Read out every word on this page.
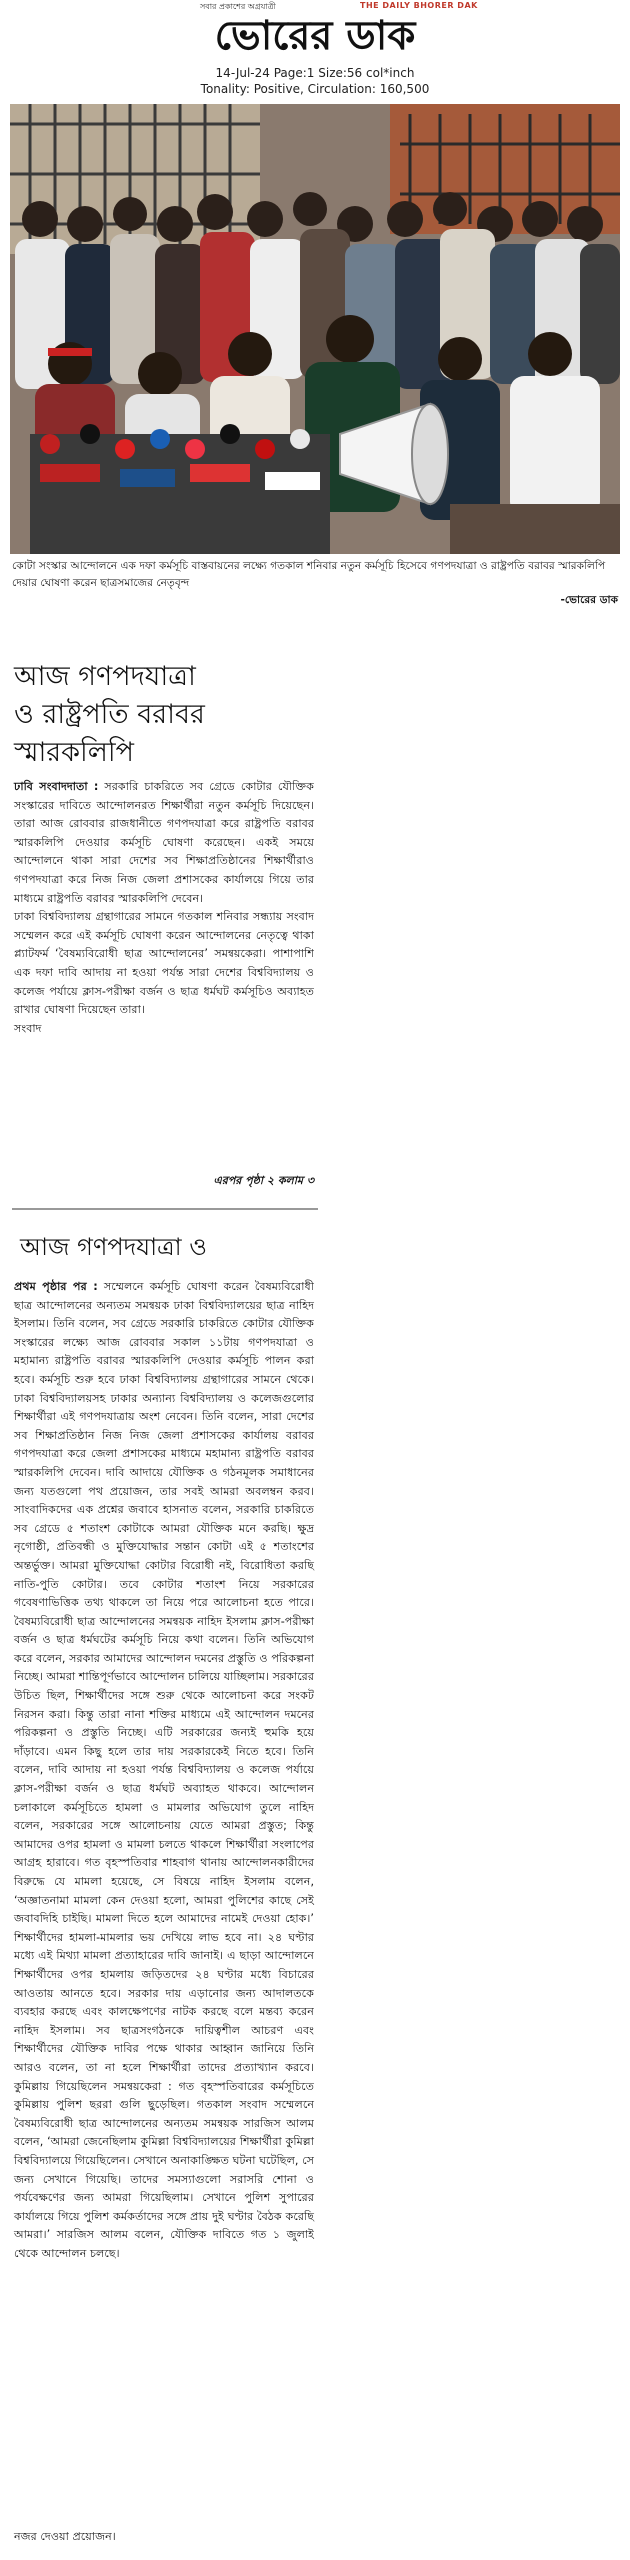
সবার প্রকাশের অগ্রযাত্রী	THE DAILY BHORER DAK
ভোরের ডাক
14-Jul-24 Page:1 Size:56 col*inch
Tonality: Positive, Circulation: 160,500
কোটা সংস্কার আন্দোলনে এক দফা কর্মসূচি বাস্তবায়নের লক্ষ্যে গতকাল শনিবার নতুন কর্মসূচি হিসেবে গণপদযাত্রা ও রাষ্ট্রপতি বরাবর স্মারকলিপি দেয়ার ঘোষণা করেন ছাত্রসমাজের নেতৃবৃন্দ
-ভোরের ডাক
আজ গণপদযাত্রা
ও রাষ্ট্রপতি বরাবর
স্মারকলিপি

ঢাবি সংবাদদাতা : সরকারি চাকরিতে সব গ্রেডে কোটার যৌক্তিক সংস্কারের দাবিতে আন্দোলনরত শিক্ষার্থীরা নতুন কর্মসূচি দিয়েছেন। তারা আজ রোববার রাজধানীতে গণপদযাত্রা করে রাষ্ট্রপতি বরাবর স্মারকলিপি দেওয়ার কর্মসূচি ঘোষণা করেছেন। একই সময়ে আন্দোলনে থাকা সারা দেশের সব শিক্ষাপ্রতিষ্ঠানের শিক্ষার্থীরাও গণপদযাত্রা করে নিজ নিজ জেলা প্রশাসকের কার্যালয়ে গিয়ে তার মাধ্যমে রাষ্ট্রপতি বরাবর স্মারকলিপি দেবেন।

ঢাকা বিশ্ববিদ্যালয় গ্রন্থাগারের সামনে গতকাল শনিবার সন্ধ্যায় সংবাদ সম্মেলন করে এই কর্মসূচি ঘোষণা করেন আন্দোলনের নেতৃত্বে থাকা প্ল্যাটফর্ম ‘বৈষম্যবিরোধী ছাত্র আন্দোলনের’ সমন্বয়কেরা। পাশাপাশি এক দফা দাবি আদায় না হওয়া পর্যন্ত সারা দেশের বিশ্ববিদ্যালয় ও কলেজ পর্যায়ে ক্লাস-পরীক্ষা বর্জন ও ছাত্র ধর্মঘট কর্মসূচিও অব্যাহত রাখার ঘোষণা দিয়েছেন তারা।

সংবাদ

এরপর পৃষ্ঠা ২ কলাম ৩
আজ গণপদযাত্রা ও

প্রথম পৃষ্ঠার পর : সম্মেলনে কর্মসূচি ঘোষণা করেন বৈষম্যবিরোধী ছাত্র আন্দোলনের অন্যতম সমন্বয়ক ঢাকা বিশ্ববিদ্যালয়ের ছাত্র নাহিদ ইসলাম। তিনি বলেন, সব গ্রেডে সরকারি চাকরিতে কোটার যৌক্তিক সংস্কারের লক্ষ্যে আজ রোববার সকাল ১১টায় গণপদযাত্রা ও মহামান্য রাষ্ট্রপতি বরাবর স্মারকলিপি দেওয়ার কর্মসূচি পালন করা হবে। কর্মসূচি শুরু হবে ঢাকা বিশ্ববিদ্যালয় গ্রন্থাগারের সামনে থেকে। ঢাকা বিশ্ববিদ্যালয়সহ ঢাকার অন্যান্য বিশ্ববিদ্যালয় ও কলেজগুলোর শিক্ষার্থীরা এই গণপদযাত্রায় অংশ নেবেন। তিনি বলেন, সারা দেশের সব শিক্ষাপ্রতিষ্ঠান নিজ নিজ জেলা প্রশাসকের কার্যালয় বরাবর গণপদযাত্রা করে জেলা প্রশাসকের মাধ্যমে মহামান্য রাষ্ট্রপতি বরাবর স্মারকলিপি দেবেন। দাবি আদায়ে যৌক্তিক ও গঠনমূলক সমাধানের জন্য যতগুলো পথ প্রয়োজন, তার সবই আমরা অবলম্বন করব। সাংবাদিকদের এক প্রশ্নের জবাবে হাসনাত বলেন, সরকারি চাকরিতে সব গ্রেডে ৫ শতাংশ কোটাকে আমরা যৌক্তিক মনে করছি। ক্ষুদ্র নৃগোষ্ঠী, প্রতিবন্ধী ও মুক্তিযোদ্ধার সন্তান কোটা এই ৫ শতাংশের অন্তর্ভুক্ত। আমরা মুক্তিযোদ্ধা কোটার বিরোধী নই, বিরোধিতা করছি নাতি-পুতি কোটার। তবে কোটার শতাংশ নিয়ে সরকারের গবেষণাভিত্তিক তথ্য থাকলে তা নিয়ে পরে আলোচনা হতে পারে। বৈষম্যবিরোধী ছাত্র আন্দোলনের সমন্বয়ক নাহিদ ইসলাম ক্লাস-পরীক্ষা বর্জন ও ছাত্র ধর্মঘটের কর্মসূচি নিয়ে কথা বলেন। তিনি অভিযোগ করে বলেন, সরকার আমাদের আন্দোলন দমনের প্রস্তুতি ও পরিকল্পনা নিচ্ছে। আমরা শান্তিপূর্ণভাবে আন্দোলন চালিয়ে যাচ্ছিলাম। সরকারের উচিত ছিল, শিক্ষার্থীদের সঙ্গে শুরু থেকে আলোচনা করে সংকট নিরসন করা। কিন্তু তারা নানা শক্তির মাধ্যমে এই আন্দোলন দমনের পরিকল্পনা ও প্রস্তুতি নিচ্ছে। এটি সরকারের জন্যই হুমকি হয়ে দাঁড়াবে। এমন কিছু হলে তার দায় সরকারকেই নিতে হবে। তিনি বলেন, দাবি আদায় না হওয়া পর্যন্ত বিশ্ববিদ্যালয় ও কলেজ পর্যায়ে ক্লাস-পরীক্ষা বর্জন ও ছাত্র ধর্মঘট অব্যাহত থাকবে। আন্দোলন চলাকালে কর্মসূচিতে হামলা ও মামলার অভিযোগ তুলে নাহিদ বলেন, সরকারের সঙ্গে আলোচনায় যেতে আমরা প্রস্তুত; কিন্তু আমাদের ওপর হামলা ও মামলা চলতে থাকলে শিক্ষার্থীরা সংলাপের আগ্রহ হারাবে। গত বৃহস্পতিবার শাহবাগ থানায় আন্দোলনকারীদের বিরুদ্ধে যে মামলা হয়েছে, সে বিষয়ে নাহিদ ইসলাম বলেন, ‘অজ্ঞাতনামা মামলা কেন দেওয়া হলো, আমরা পুলিশের কাছে সেই জবাবদিহি চাইছি। মামলা দিতে হলে আমাদের নামেই দেওয়া হোক।’ শিক্ষার্থীদের হামলা-মামলার ভয় দেখিয়ে লাভ হবে না। ২৪ ঘণ্টার মধ্যে এই মিথ্যা মামলা প্রত্যাহারের দাবি জানাই। এ ছাড়া আন্দোলনে শিক্ষার্থীদের ওপর হামলায় জড়িতদের ২৪ ঘণ্টার মধ্যে বিচারের আওতায় আনতে হবে। সরকার দায় এড়ানোর জন্য আদালতকে ব্যবহার করছে এবং কালক্ষেপণের নাটক করছে বলে মন্তব্য করেন নাহিদ ইসলাম। সব ছাত্রসংগঠনকে দায়িত্বশীল আচরণ এবং শিক্ষার্থীদের যৌক্তিক দাবির পক্ষে থাকার আহ্বান জানিয়ে তিনি আরও বলেন, তা না হলে শিক্ষার্থীরা তাদের প্রত্যাখ্যান করবে। কুমিল্লায় গিয়েছিলেন সমন্বয়কেরা : গত বৃহস্পতিবারের কর্মসূচিতে কুমিল্লায় পুলিশ ছররা গুলি ছুড়েছিল। গতকাল সংবাদ সম্মেলনে বৈষম্যবিরোধী ছাত্র আন্দোলনের অন্যতম সমন্বয়ক সারজিস আলম বলেন, ‘আমরা জেনেছিলাম কুমিল্লা বিশ্ববিদ্যালয়ের শিক্ষার্থীরা কুমিল্লা বিশ্ববিদ্যালয়ে গিয়েছিলেন। সেখানে অনাকাঙ্ক্ষিত ঘটনা ঘটেছিল, সে জন্য সেখানে গিয়েছি। তাদের সমস্যাগুলো সরাসরি শোনা ও পর্যবেক্ষণের জন্য আমরা গিয়েছিলাম। সেখানে পুলিশ সুপারের কার্যালয়ে গিয়ে পুলিশ কর্মকর্তাদের সঙ্গে প্রায় দুই ঘণ্টার বৈঠক করেছি আমরা।’ সারজিস আলম বলেন, যৌক্তিক দাবিতে গত ১ জুলাই থেকে আন্দোলন চলছে।

নজর দেওয়া প্রয়োজন।
